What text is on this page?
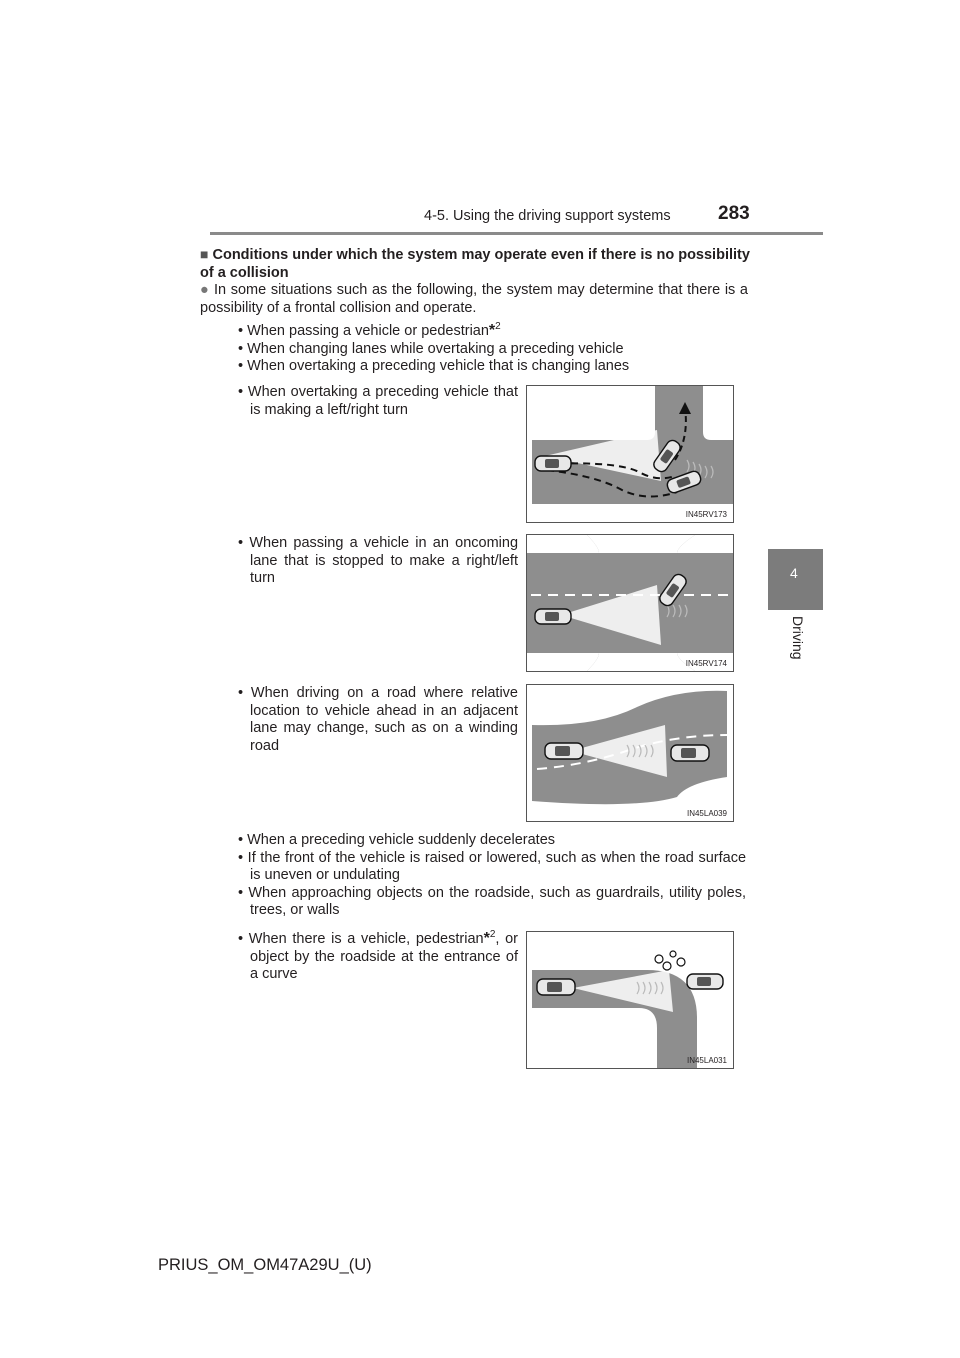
4-5. Using the driving support systems 283
4
Driving
■ Conditions under which the system may operate even if there is no possibility of a collision
● In some situations such as the following, the system may determine that there is a possibility of a frontal collision and operate.
• When passing a vehicle or pedestrian*$^2$
• When changing lanes while overtaking a preceding vehicle
• When overtaking a preceding vehicle that is changing lanes
• When overtaking a preceding vehicle that is making a left/right turn
IN45RV173
• When passing a vehicle in an oncoming lane that is stopped to make a right/left turn
IN45RV174
• When driving on a road where relative location to vehicle ahead in an adjacent lane may change, such as on a winding road
IN45LA039
• When a preceding vehicle suddenly decelerates
• If the front of the vehicle is raised or lowered, such as when the road surface is uneven or undulating
• When approaching objects on the roadside, such as guardrails, utility poles, trees, or walls
• When there is a vehicle, pedestrian*$^2$, or object by the roadside at the entrance of a curve
IN45LA031
PRIUS_OM_OM47A29U_(U)
